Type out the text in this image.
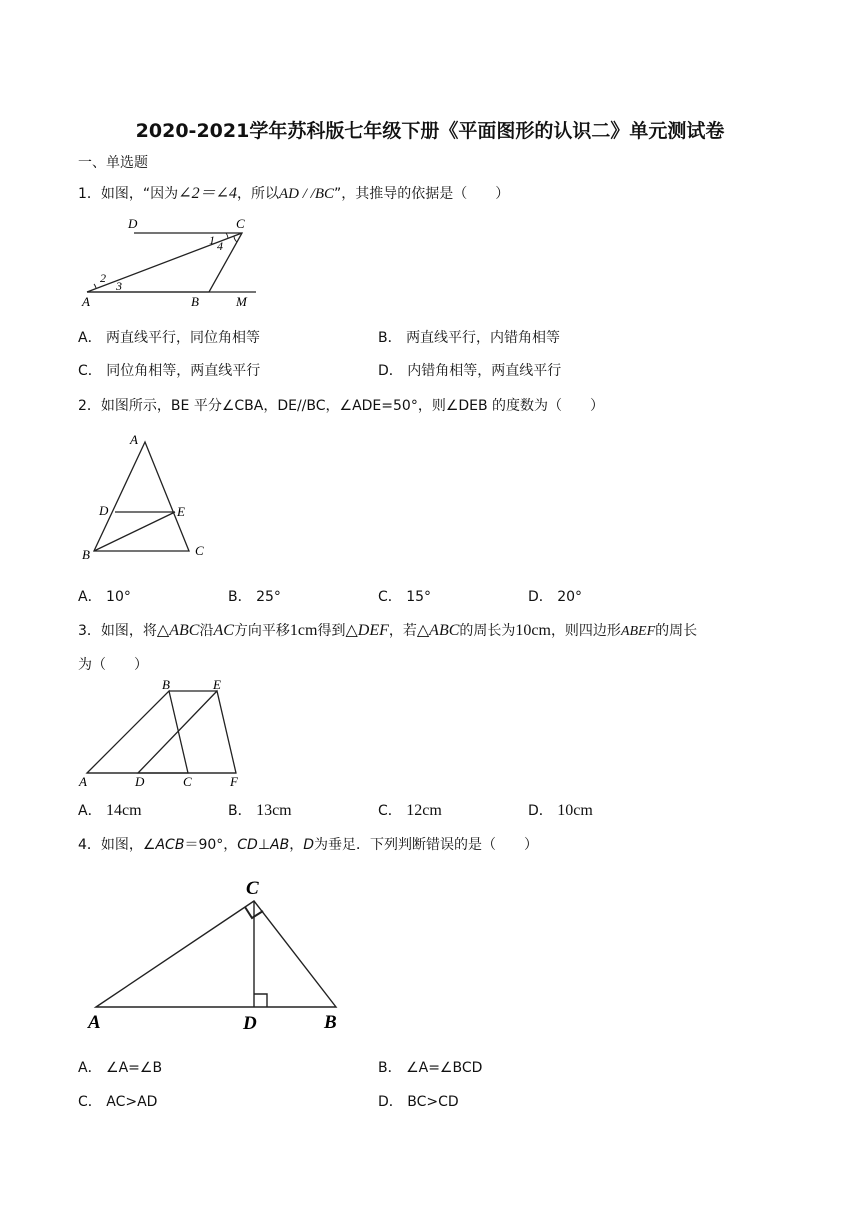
2020-2021学年苏科版七年级下册《平面图形的认识二》单元测试卷
一、单选题
1．如图，“因为∠2＝∠4，所以AD / /BC”，其推导的依据是（　　）
D	C
A	B	M
1
2
3
4
A． 两直线平行，同位角相等	B． 两直线平行，内错角相等
C． 同位角相等，两直线平行	D． 内错角相等，两直线平行
2．如图所示，BE 平分∠CBA，DE//BC，∠ADE=50°，则∠DEB 的度数为（　　）
A
D	E
B	C
A． 10°	B． 25°	C． 15°	D． 20°
3．如图，将△ABC沿AC方向平移1cm得到△DEF，若△ABC的周长为10cm，则四边形ABEF的周长
为（　　）
B	E
A	D	C	F
A． 14cm	B． 13cm	C． 12cm	D． 10cm
4．如图，∠ACB＝90°，CD⊥AB，D为垂足．下列判断错误的是（　　）
C
A	D	B
A． ∠A=∠B	B． ∠A=∠BCD
C． AC>AD	D． BC>CD
